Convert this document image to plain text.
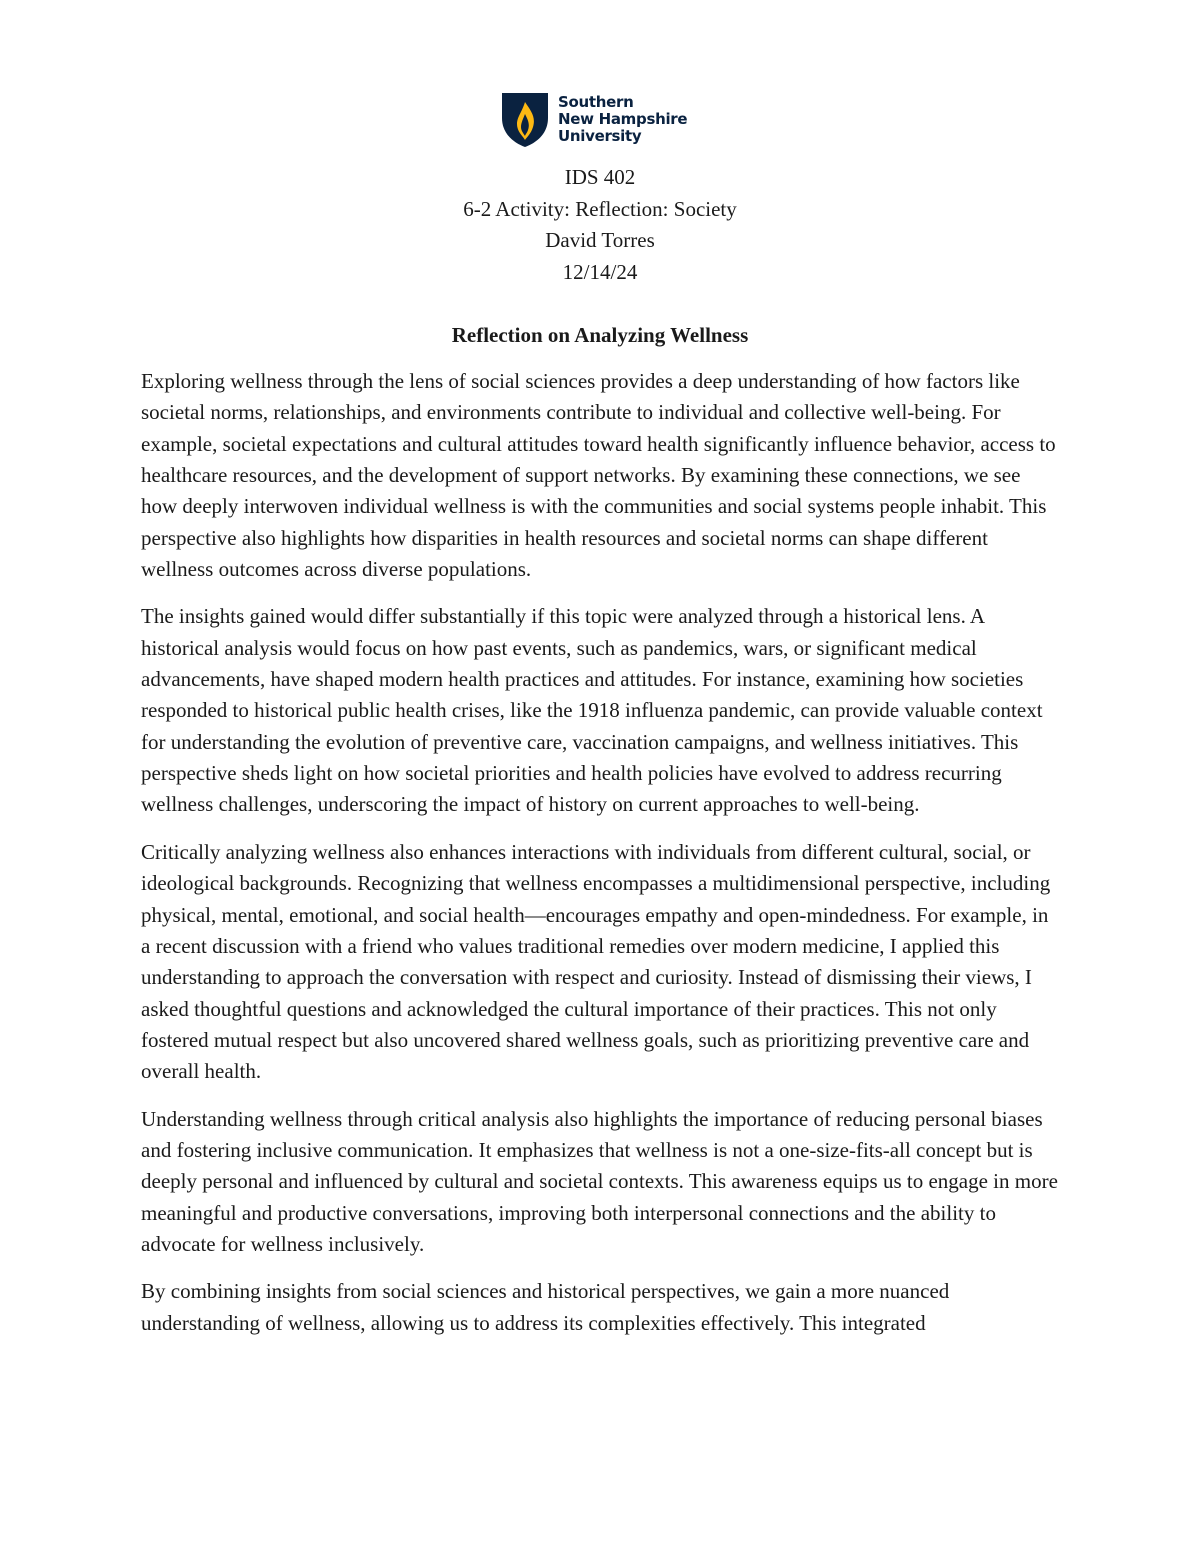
Southern
New Hampshire
University
IDS 402
6-2 Activity: Reflection: Society
David Torres
12/14/24
Reflection on Analyzing Wellness

Exploring wellness through the lens of social sciences provides a deep understanding of how factors like societal norms, relationships, and environments contribute to individual and collective well-being. For example, societal expectations and cultural attitudes toward health significantly influence behavior, access to healthcare resources, and the development of support networks. By examining these connections, we see how deeply interwoven individual wellness is with the communities and social systems people inhabit. This perspective also highlights how disparities in health resources and societal norms can shape different wellness outcomes across diverse populations.

The insights gained would differ substantially if this topic were analyzed through a historical lens. A historical analysis would focus on how past events, such as pandemics, wars, or significant medical advancements, have shaped modern health practices and attitudes. For instance, examining how societies responded to historical public health crises, like the 1918 influenza pandemic, can provide valuable context for understanding the evolution of preventive care, vaccination campaigns, and wellness initiatives. This perspective sheds light on how societal priorities and health policies have evolved to address recurring wellness challenges, underscoring the impact of history on current approaches to well-being.

Critically analyzing wellness also enhances interactions with individuals from different cultural, social, or ideological backgrounds. Recognizing that wellness encompasses a multidimensional perspective, including physical, mental, emotional, and social health—encourages empathy and open-mindedness. For example, in a recent discussion with a friend who values traditional remedies over modern medicine, I applied this understanding to approach the conversation with respect and curiosity. Instead of dismissing their views, I asked thoughtful questions and acknowledged the cultural importance of their practices. This not only fostered mutual respect but also uncovered shared wellness goals, such as prioritizing preventive care and overall health.

Understanding wellness through critical analysis also highlights the importance of reducing personal biases and fostering inclusive communication. It emphasizes that wellness is not a one-size-fits-all concept but is deeply personal and influenced by cultural and societal contexts. This awareness equips us to engage in more meaningful and productive conversations, improving both interpersonal connections and the ability to advocate for wellness inclusively.

By combining insights from social sciences and historical perspectives, we gain a more nuanced understanding of wellness, allowing us to address its complexities effectively. This integrated
